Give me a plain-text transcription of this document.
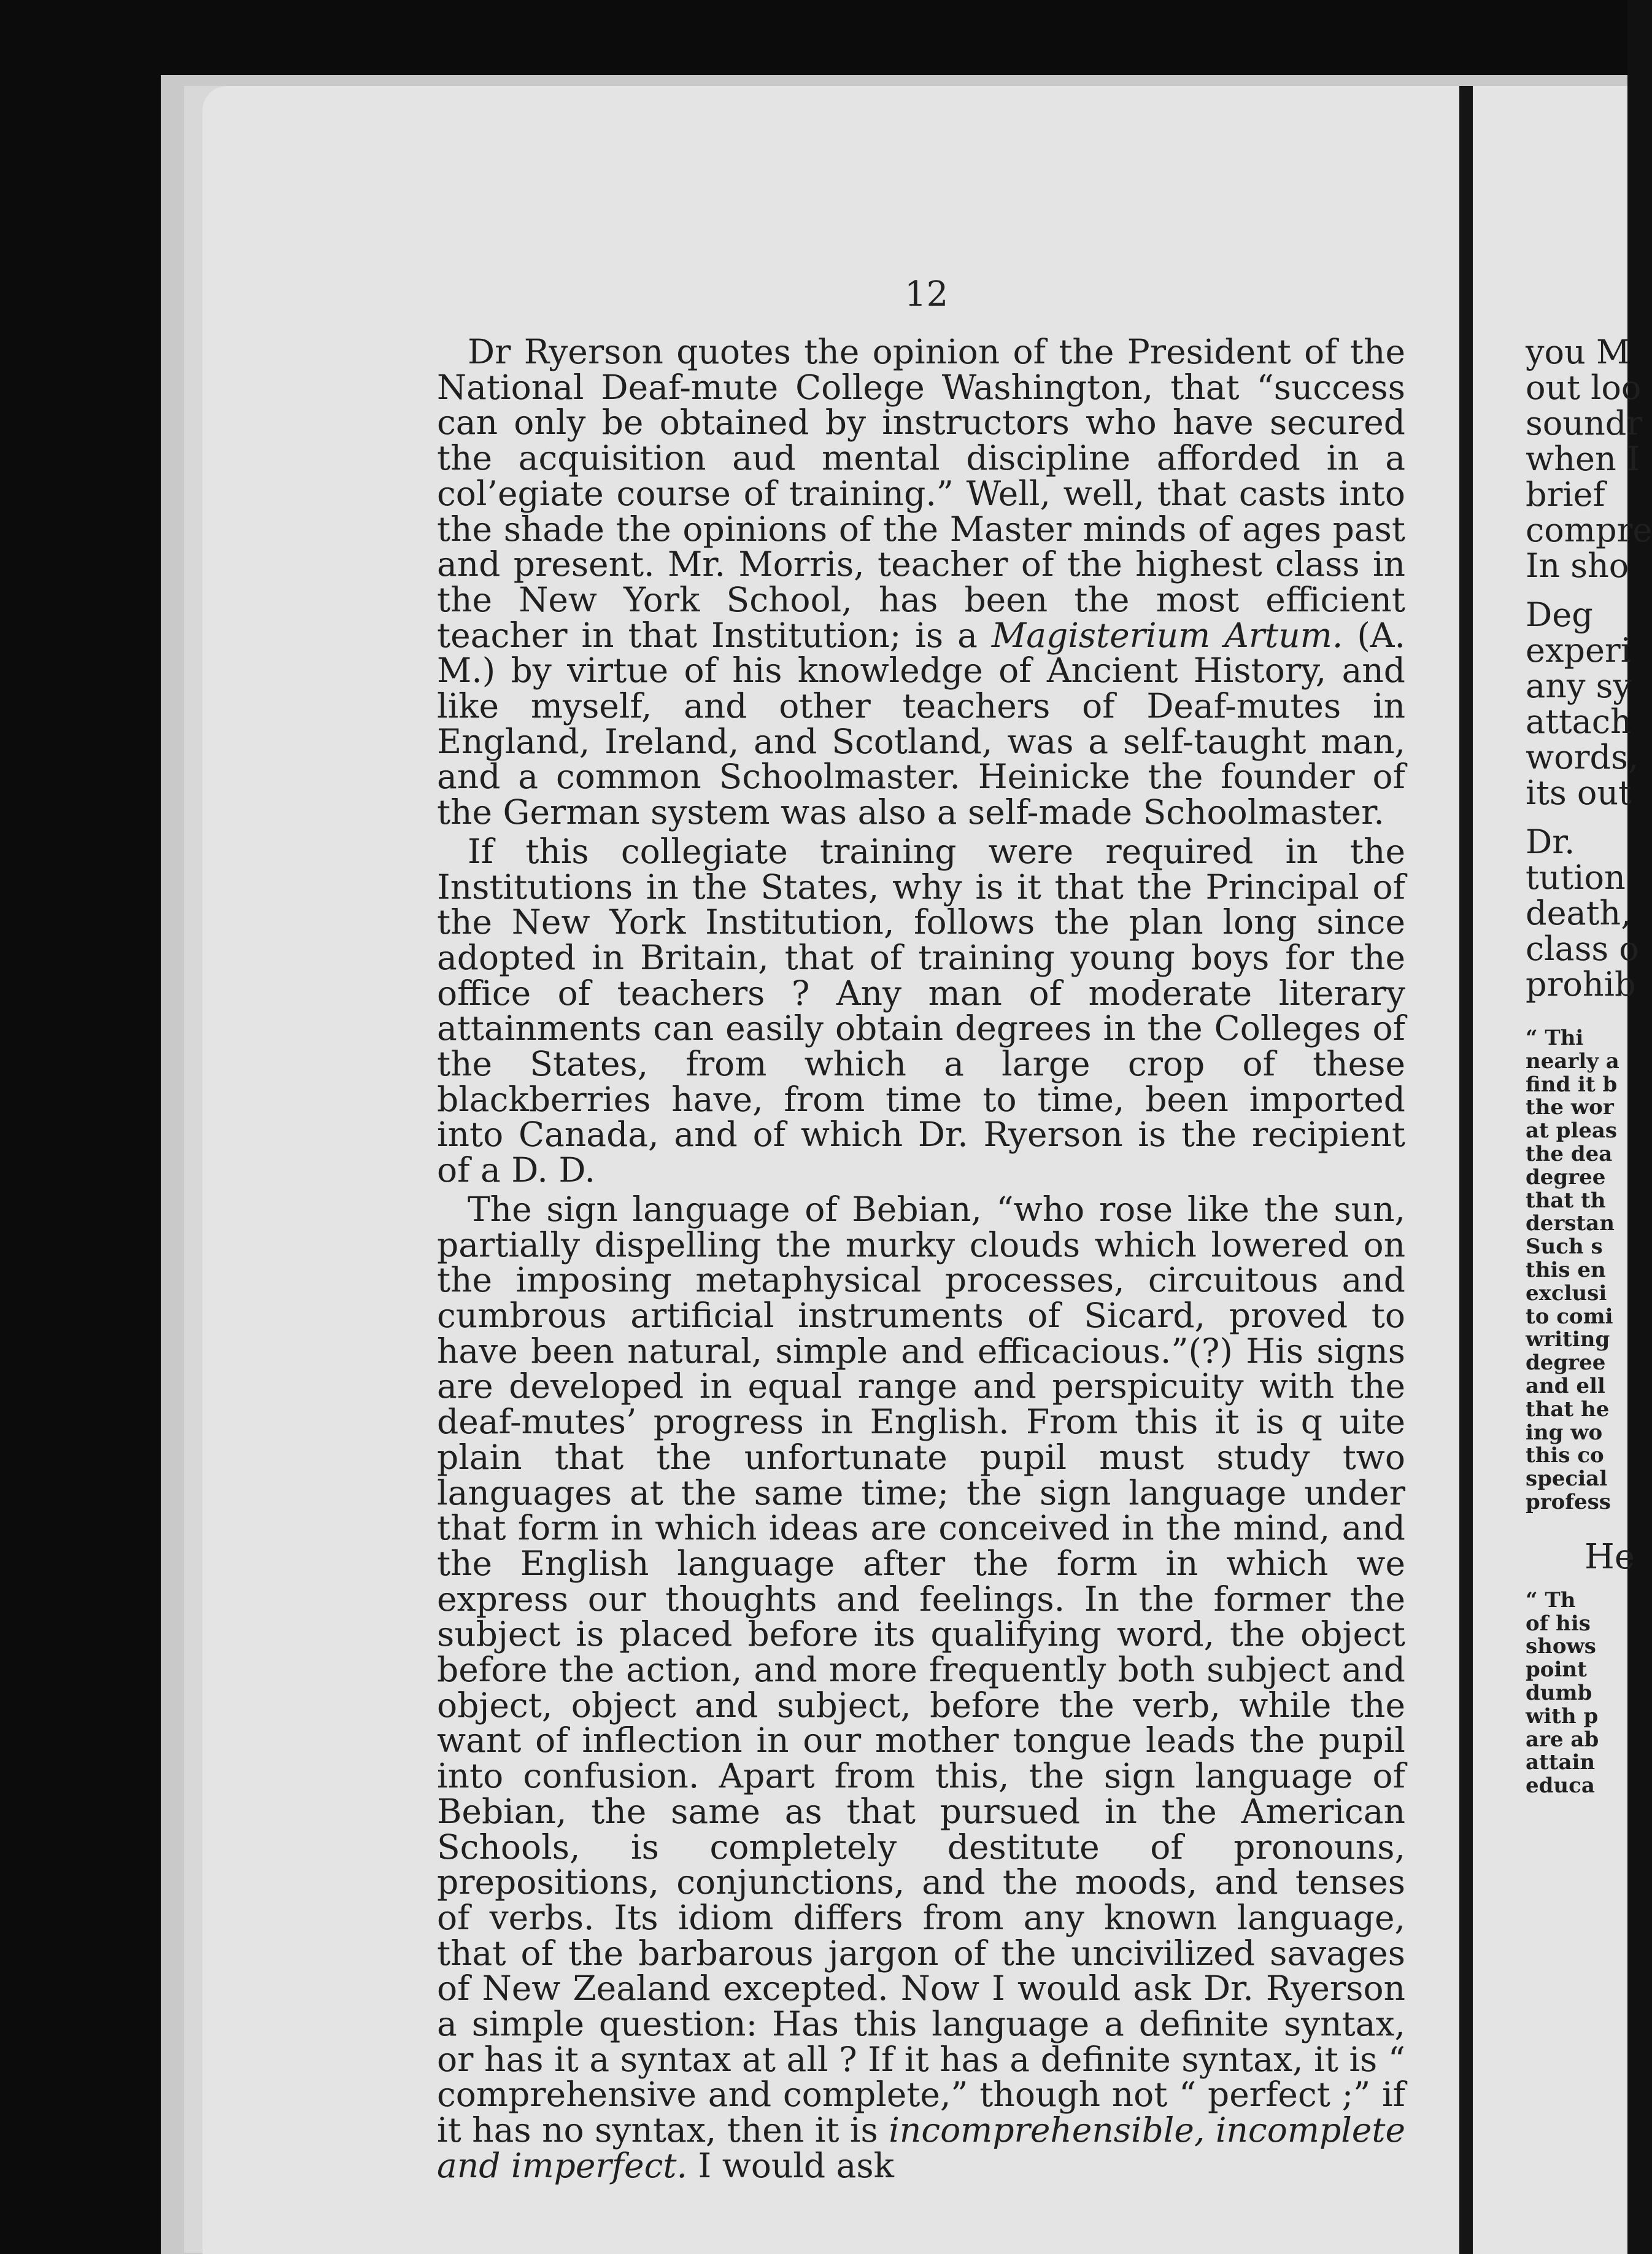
12

Dr Ryerson quotes the opinion of the President of the National Deaf-mute College Washington, that “success can only be obtained by instructors who have secured the acquisition aud mental discipline afforded in a col’egiate course of training.” Well, well, that casts into the shade the opinions of the Master minds of ages past and present. Mr. Morris, teacher of the highest class in the New York School, has been the most efficient teacher in that Institution; is a Magisterium Artum. (A. M.) by virtue of his knowledge of Ancient History, and like myself, and other teachers of Deaf-mutes in England, Ireland, and Scotland, was a self-taught man, and a common Schoolmaster. Heinicke the founder of the German system was also a self-made Schoolmaster.

If this collegiate training were required in the Institutions in the States, why is it that the Principal of the New York Institution, follows the plan long since adopted in Britain, that of training young boys for the office of teachers ? Any man of moderate literary attainments can easily obtain degrees in the Colleges of the States, from which a large crop of these blackberries have, from time to time, been imported into Canada, and of which Dr. Ryerson is the recipient of a D. D.

The sign language of Bebian, “who rose like the sun, partially dispelling the murky clouds which lowered on the imposing metaphysical processes, circuitous and cumbrous artificial instruments of Sicard, proved to have been natural, simple and efficacious.”(?) His signs are developed in equal range and perspicuity with the deaf-mutes’ progress in English. From this it is q uite plain that the unfortunate pupil must study two languages at the same time; the sign language under that form in which ideas are conceived in the mind, and the English language after the form in which we express our thoughts and feelings. In the former the subject is placed before its qualifying word, the object before the action, and more frequently both subject and object, object and subject, before the verb, while the want of inflection in our mother tongue leads the pupil into confusion. Apart from this, the sign language of Bebian, the same as that pursued in the American Schools, is completely destitute of pronouns, prepositions, conjunctions, and the moods, and tenses of verbs. Its idiom differs from any known language, that of the barbarous jargon of the uncivilized savages of New Zealand excepted. Now I would ask Dr. Ryerson a simple question: Has this language a definite syntax, or has it a syntax at all ? If it has a definite syntax, it is “ comprehensive and complete,” though not “ perfect ;” if it has no syntax, then it is incomprehensible, incomplete and imperfect. I would ask

you M
out loo
soundr
when I
brief
compre
In sho
Deg
experi
any sy
attach
words,
its out
Dr.
tution
death,
class o
prohib
“ Thi
nearly a
find it b
the wor
at pleas
the dea
degree
that th
derstan
Such s
this en
exclusi
to comi
writing
degree
and ell
that he
ing wo
this co
special
profess
He
“ Th
of his
shows
point
dumb
with p
are ab
attain
educa
